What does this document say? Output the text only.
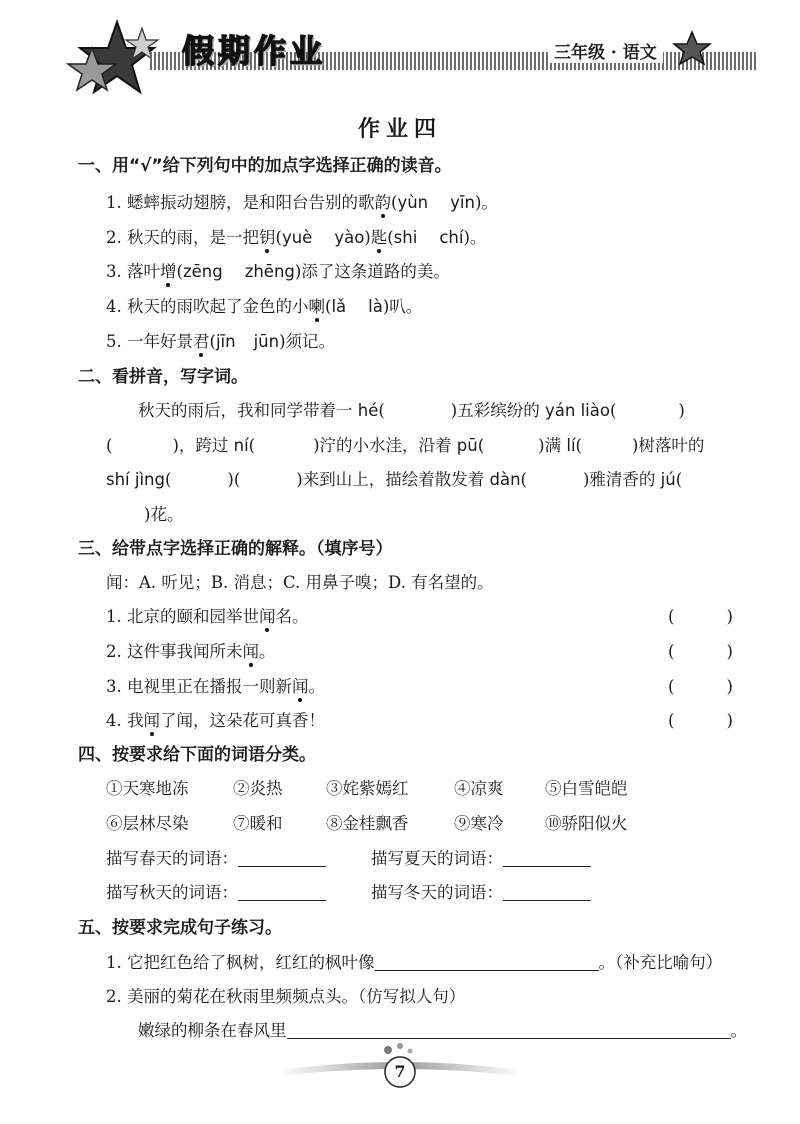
假期作业	三年级 · 语文
作业四
一、用“√”给下列句中的加点字选择正确的读音。
1. 蟋蟀振动翅膀，是和阳台告别的歌韵(yùn yīn)。
2. 秋天的雨，是一把钥(yuè yào)匙(shi chí)。
3. 落叶增(zēng zhēng)添了这条道路的美。
4. 秋天的雨吹起了金色的小喇(lǎ là)叭。
5. 一年好景君(jīn jūn)须记。
二、看拼音，写字词。
秋天的雨后，我和同学带着一 hé(	)五彩缤纷的 yán liào(	)
(	)，跨过 ní(	)泞的小水洼，沿着 pū(	)满 lí(	)树落叶的
shí jìng(	)(	)来到山上，描绘着散发着 dàn(	)雅清香的 jú(
)花。
三、给带点字选择正确的解释。（填序号）
闻：A. 听见；B. 消息；C. 用鼻子嗅；D. 有名望的。
1. 北京的颐和园举世闻名。	(	)
2. 这件事我闻所未闻。	(	)
3. 电视里正在播报一则新闻。	(	)
4. 我闻了闻，这朵花可真香！	(	)
四、按要求给下面的词语分类。
①天寒地冻	②炎热	③姹紫嫣红	④凉爽	⑤白雪皑皑
⑥层林尽染	⑦暖和	⑧金桂飘香	⑨寒冷	⑩骄阳似火
描写春天的词语：	描写夏天的词语：
描写秋天的词语：	描写冬天的词语：
五、按要求完成句子练习。
1. 它把红色给了枫树，红红的枫叶像	。（补充比喻句）
2. 美丽的菊花在秋雨里频频点头。（仿写拟人句）
嫩绿的柳条在春风里	。
7
